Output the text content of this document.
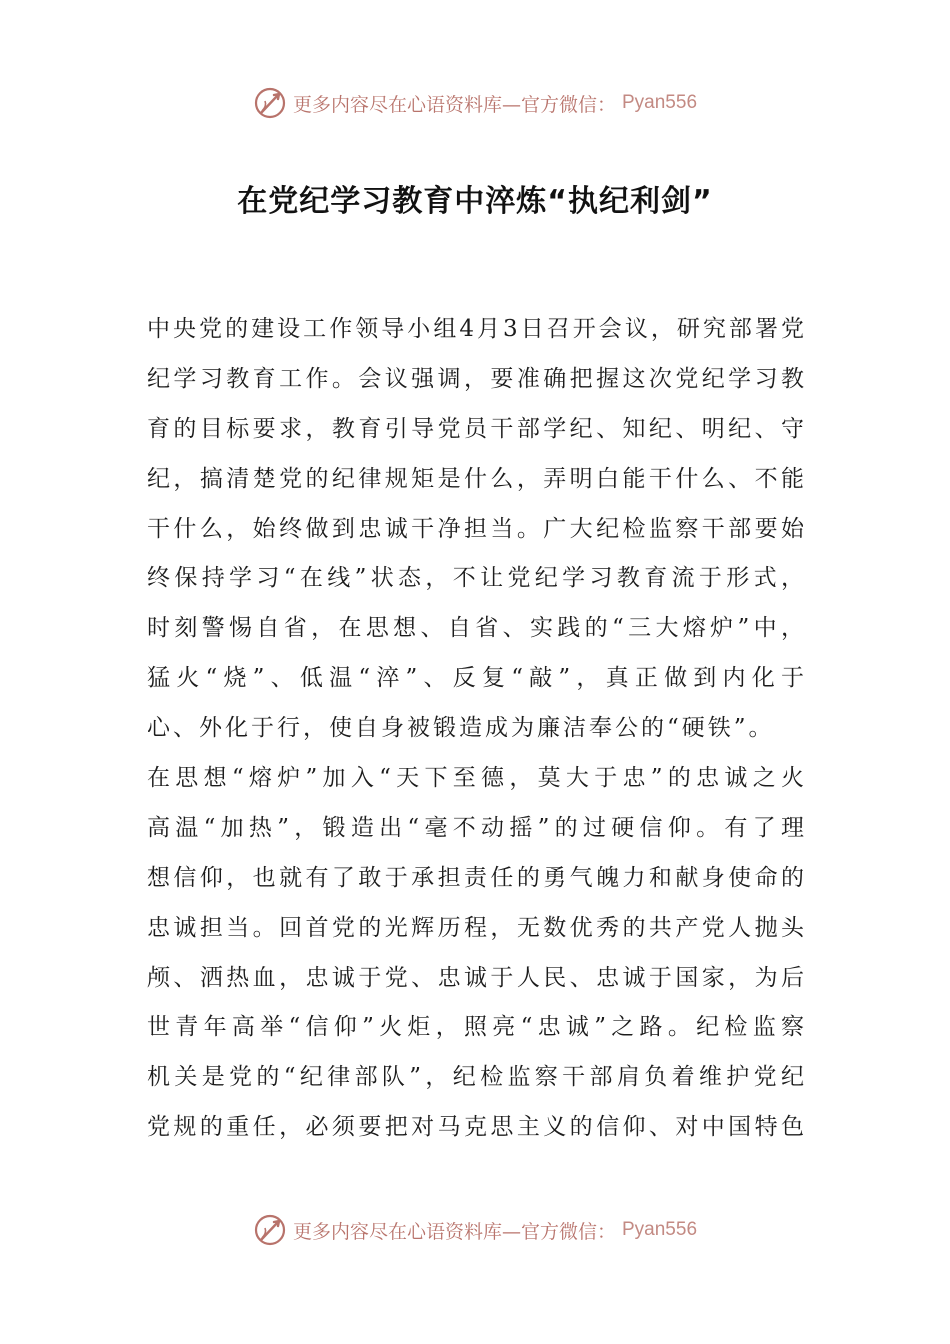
更多内容尽在心语资料库—官方微信： Pyan556
在党纪学习教育中淬炼“执纪利剑”
中央党的建设工作领导小组4月3日召开会议，研究部署党
纪学习教育工作。会议强调，要准确把握这次党纪学习教
育的目标要求，教育引导党员干部学纪、知纪、明纪、守
纪，搞清楚党的纪律规矩是什么，弄明白能干什么、不能
干什么，始终做到忠诚干净担当。广大纪检监察干部要始
终保持学习“在线”状态，不让党纪学习教育流于形式，
时刻警惕自省，在思想、自省、实践的“三大熔炉”中，
猛火“烧”、低温“淬”、反复“敲”，真正做到内化于
心、外化于行，使自身被锻造成为廉洁奉公的“硬铁”。
在思想“熔炉”加入“天下至德，莫大于忠”的忠诚之火
高温“加热”，锻造出“毫不动摇”的过硬信仰。有了理
想信仰，也就有了敢于承担责任的勇气魄力和献身使命的
忠诚担当。回首党的光辉历程，无数优秀的共产党人抛头
颅、洒热血，忠诚于党、忠诚于人民、忠诚于国家，为后
世青年高举“信仰”火炬，照亮“忠诚”之路。纪检监察
机关是党的“纪律部队”，纪检监察干部肩负着维护党纪
党规的重任，必须要把对马克思主义的信仰、对中国特色
更多内容尽在心语资料库—官方微信： Pyan556
